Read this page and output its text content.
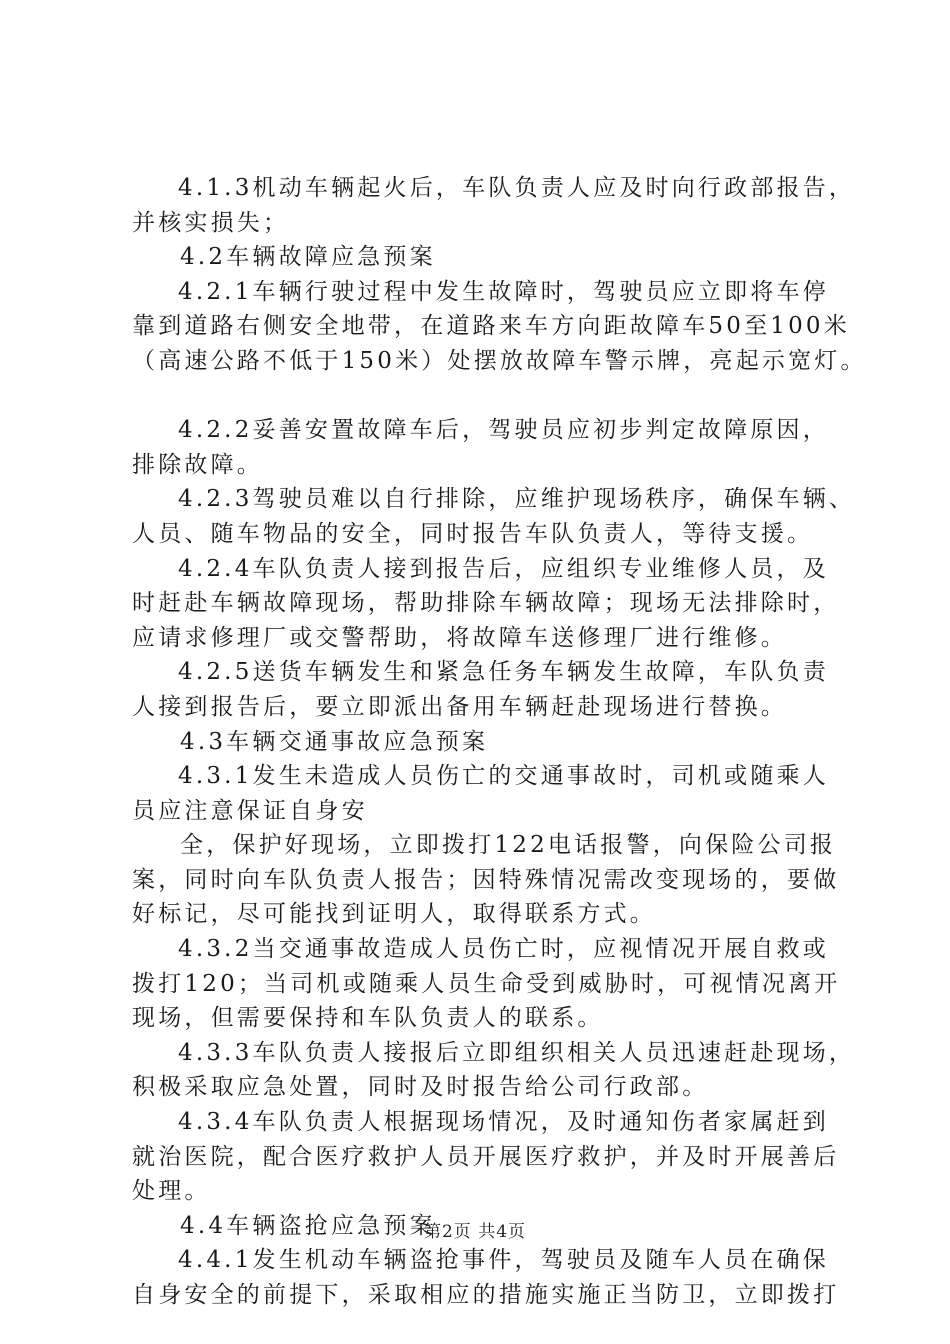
4.1.3机动车辆起火后，车队负责人应及时向行政部报告，
并核实损失；
4.2车辆故障应急预案
4.2.1车辆行驶过程中发生故障时，驾驶员应立即将车停
靠到道路右侧安全地带，在道路来车方向距故障车50至100米
（高速公路不低于150米）处摆放故障车警示牌，亮起示宽灯。
4.2.2妥善安置故障车后，驾驶员应初步判定故障原因，
排除故障。
4.2.3驾驶员难以自行排除，应维护现场秩序，确保车辆、
人员、随车物品的安全，同时报告车队负责人，等待支援。
4.2.4车队负责人接到报告后，应组织专业维修人员，及
时赶赴车辆故障现场，帮助排除车辆故障；现场无法排除时，
应请求修理厂或交警帮助，将故障车送修理厂进行维修。
4.2.5送货车辆发生和紧急任务车辆发生故障，车队负责
人接到报告后，要立即派出备用车辆赶赴现场进行替换。
4.3车辆交通事故应急预案
4.3.1发生未造成人员伤亡的交通事故时，司机或随乘人
员应注意保证自身安
全，保护好现场，立即拨打122电话报警，向保险公司报
案，同时向车队负责人报告；因特殊情况需改变现场的，要做
好标记，尽可能找到证明人，取得联系方式。
4.3.2当交通事故造成人员伤亡时，应视情况开展自救或
拨打120；当司机或随乘人员生命受到威胁时，可视情况离开
现场，但需要保持和车队负责人的联系。
4.3.3车队负责人接报后立即组织相关人员迅速赶赴现场，
积极采取应急处置，同时及时报告给公司行政部。
4.3.4车队负责人根据现场情况，及时通知伤者家属赶到
就治医院，配合医疗救护人员开展医疗救护，并及时开展善后
处理。
4.4车辆盗抢应急预案
4.4.1发生机动车辆盗抢事件，驾驶员及随车人员在确保
自身安全的前提下，采取相应的措施实施正当防卫，立即拨打
第2页 共4页
